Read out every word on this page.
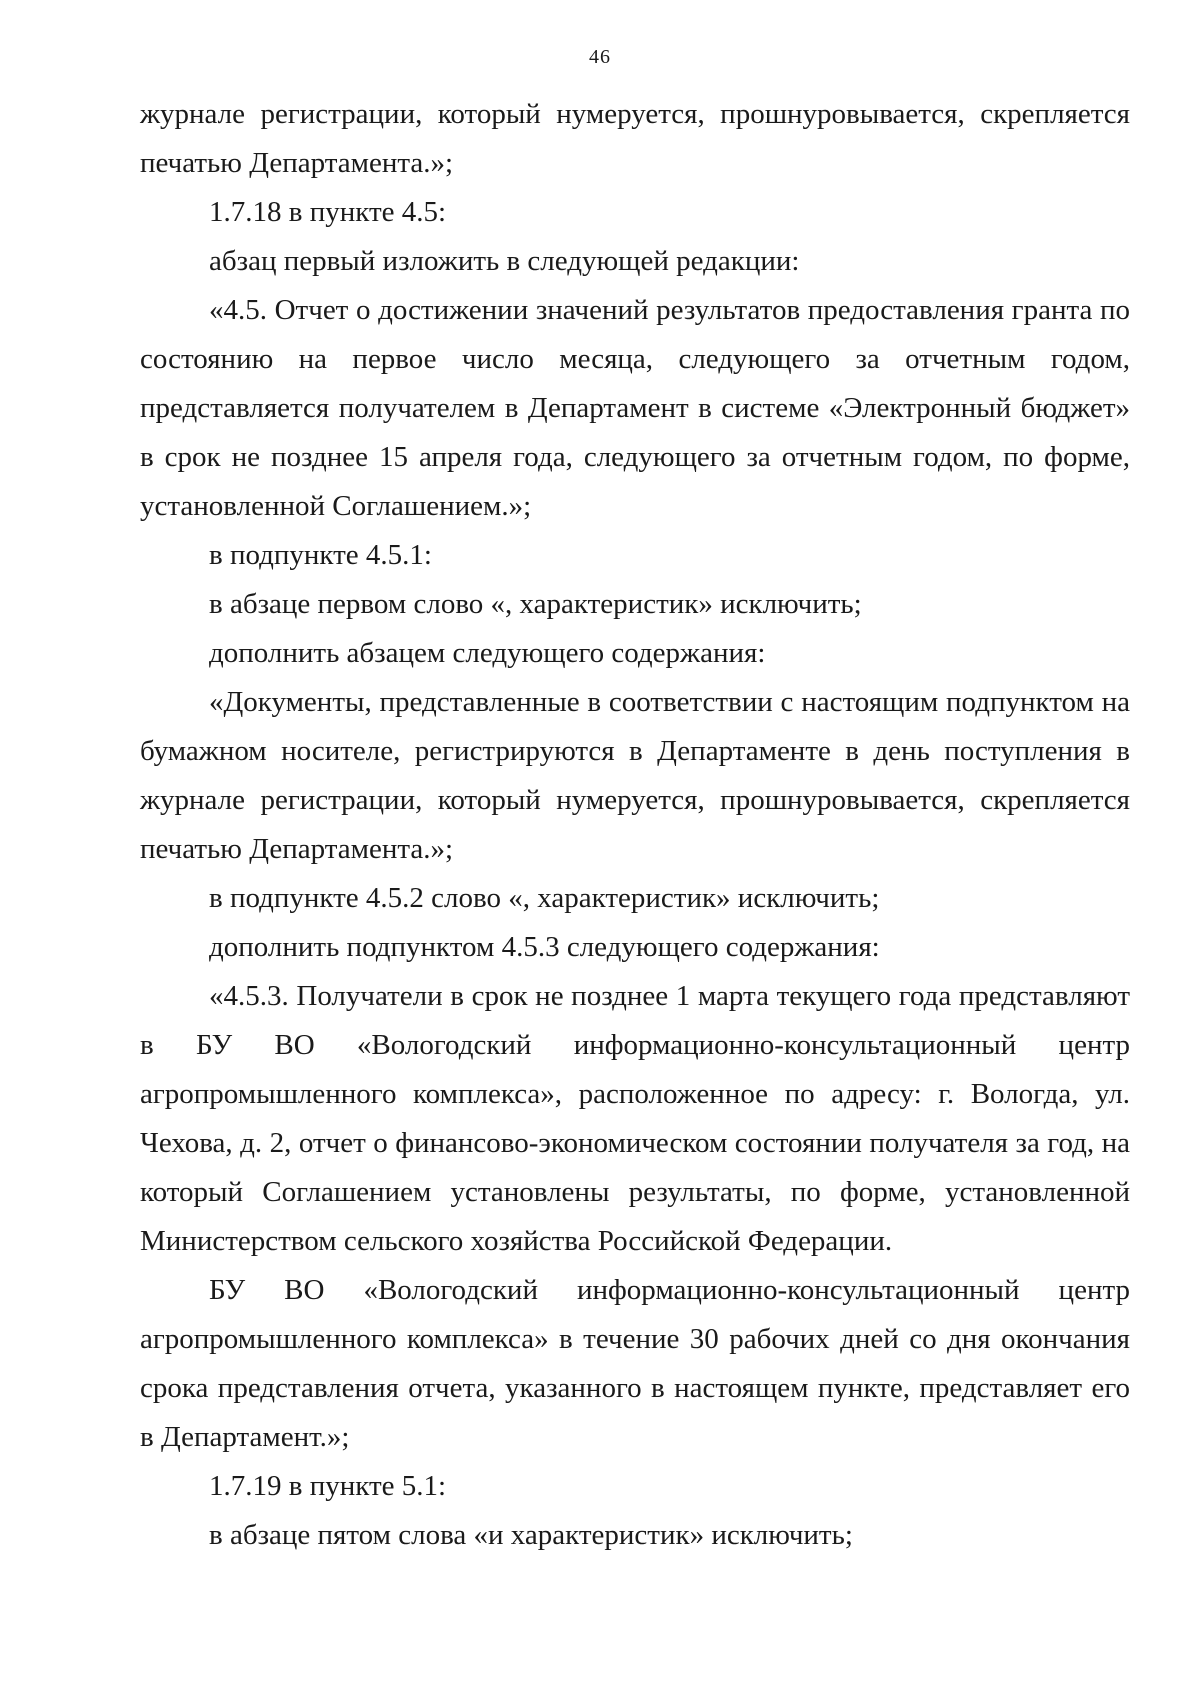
46

журнале регистрации, который нумеруется, прошнуровывается, скрепляется печатью Департамента.»;

1.7.18 в пункте 4.5:

абзац первый изложить в следующей редакции:

«4.5. Отчет о достижении значений результатов предоставления гранта по состоянию на первое число месяца, следующего за отчетным годом, представляется получателем в Департамент в системе «Электронный бюджет» в срок не позднее 15 апреля года, следующего за отчетным годом, по форме, установленной Соглашением.»;

в подпункте 4.5.1:

в абзаце первом слово «, характеристик» исключить;

дополнить абзацем следующего содержания:

«Документы, представленные в соответствии с настоящим подпунктом на бумажном носителе, регистрируются в Департаменте в день поступления в журнале регистрации, который нумеруется, прошнуровывается, скрепляется печатью Департамента.»;

в подпункте 4.5.2 слово «, характеристик» исключить;

дополнить подпунктом 4.5.3 следующего содержания:

«4.5.3. Получатели в срок не позднее 1 марта текущего года представляют в БУ ВО «Вологодский информационно-консультационный центр агропромышленного комплекса», расположенное по адресу: г. Вологда, ул. Чехова, д. 2, отчет о финансово-экономическом состоянии получателя за год, на который Соглашением установлены результаты, по форме, установленной Министерством сельского хозяйства Российской Федерации.

БУ ВО «Вологодский информационно-консультационный центр агропромышленного комплекса» в течение 30 рабочих дней со дня окончания срока представления отчета, указанного в настоящем пункте, представляет его в Департамент.»;

1.7.19 в пункте 5.1:

в абзаце пятом слова «и характеристик» исключить;
